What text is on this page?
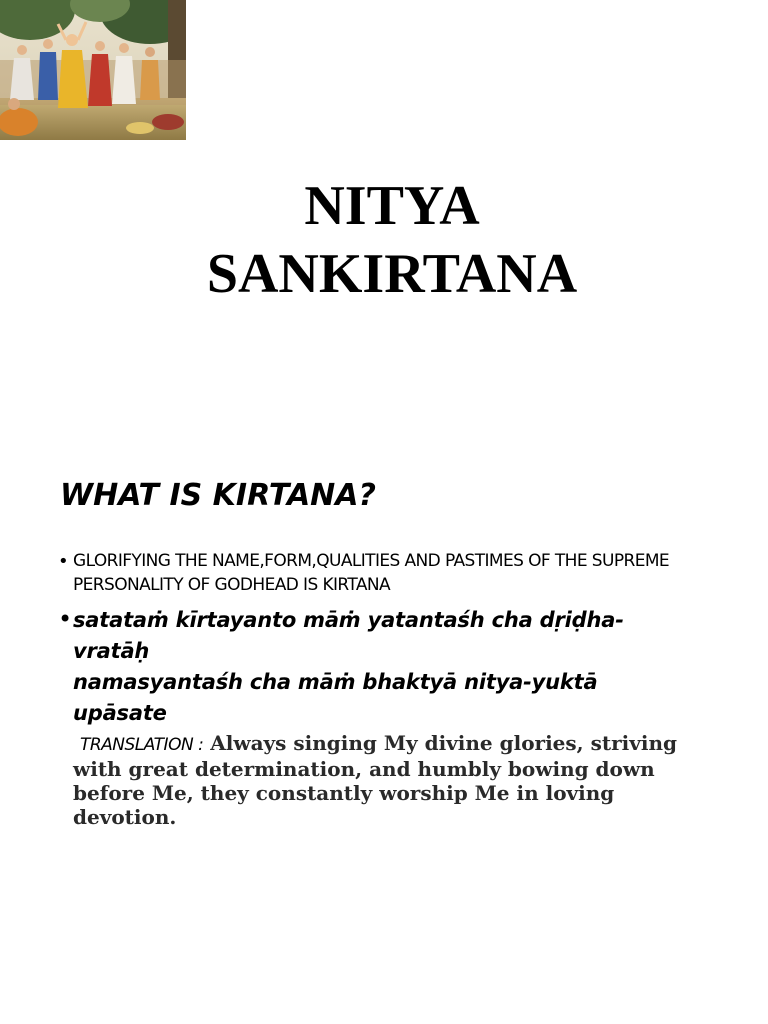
NITYA
SANKIRTANA
WHAT IS KIRTANA?
• GLORIFYING THE NAME,FORM,QUALITIES AND PASTIMES OF THE SUPREME PERSONALITY OF GODHEAD IS KIRTANA
• satataṁ kīrtayanto māṁ yatantaśh cha dṛiḍha-
vratāḥ
namasyantaśh cha māṁ bhaktyā nitya-yuktā
upāsate
TRANSLATION : Always singing My divine glories, striving with great determination, and humbly bowing down before Me, they constantly worship Me in loving devotion.
